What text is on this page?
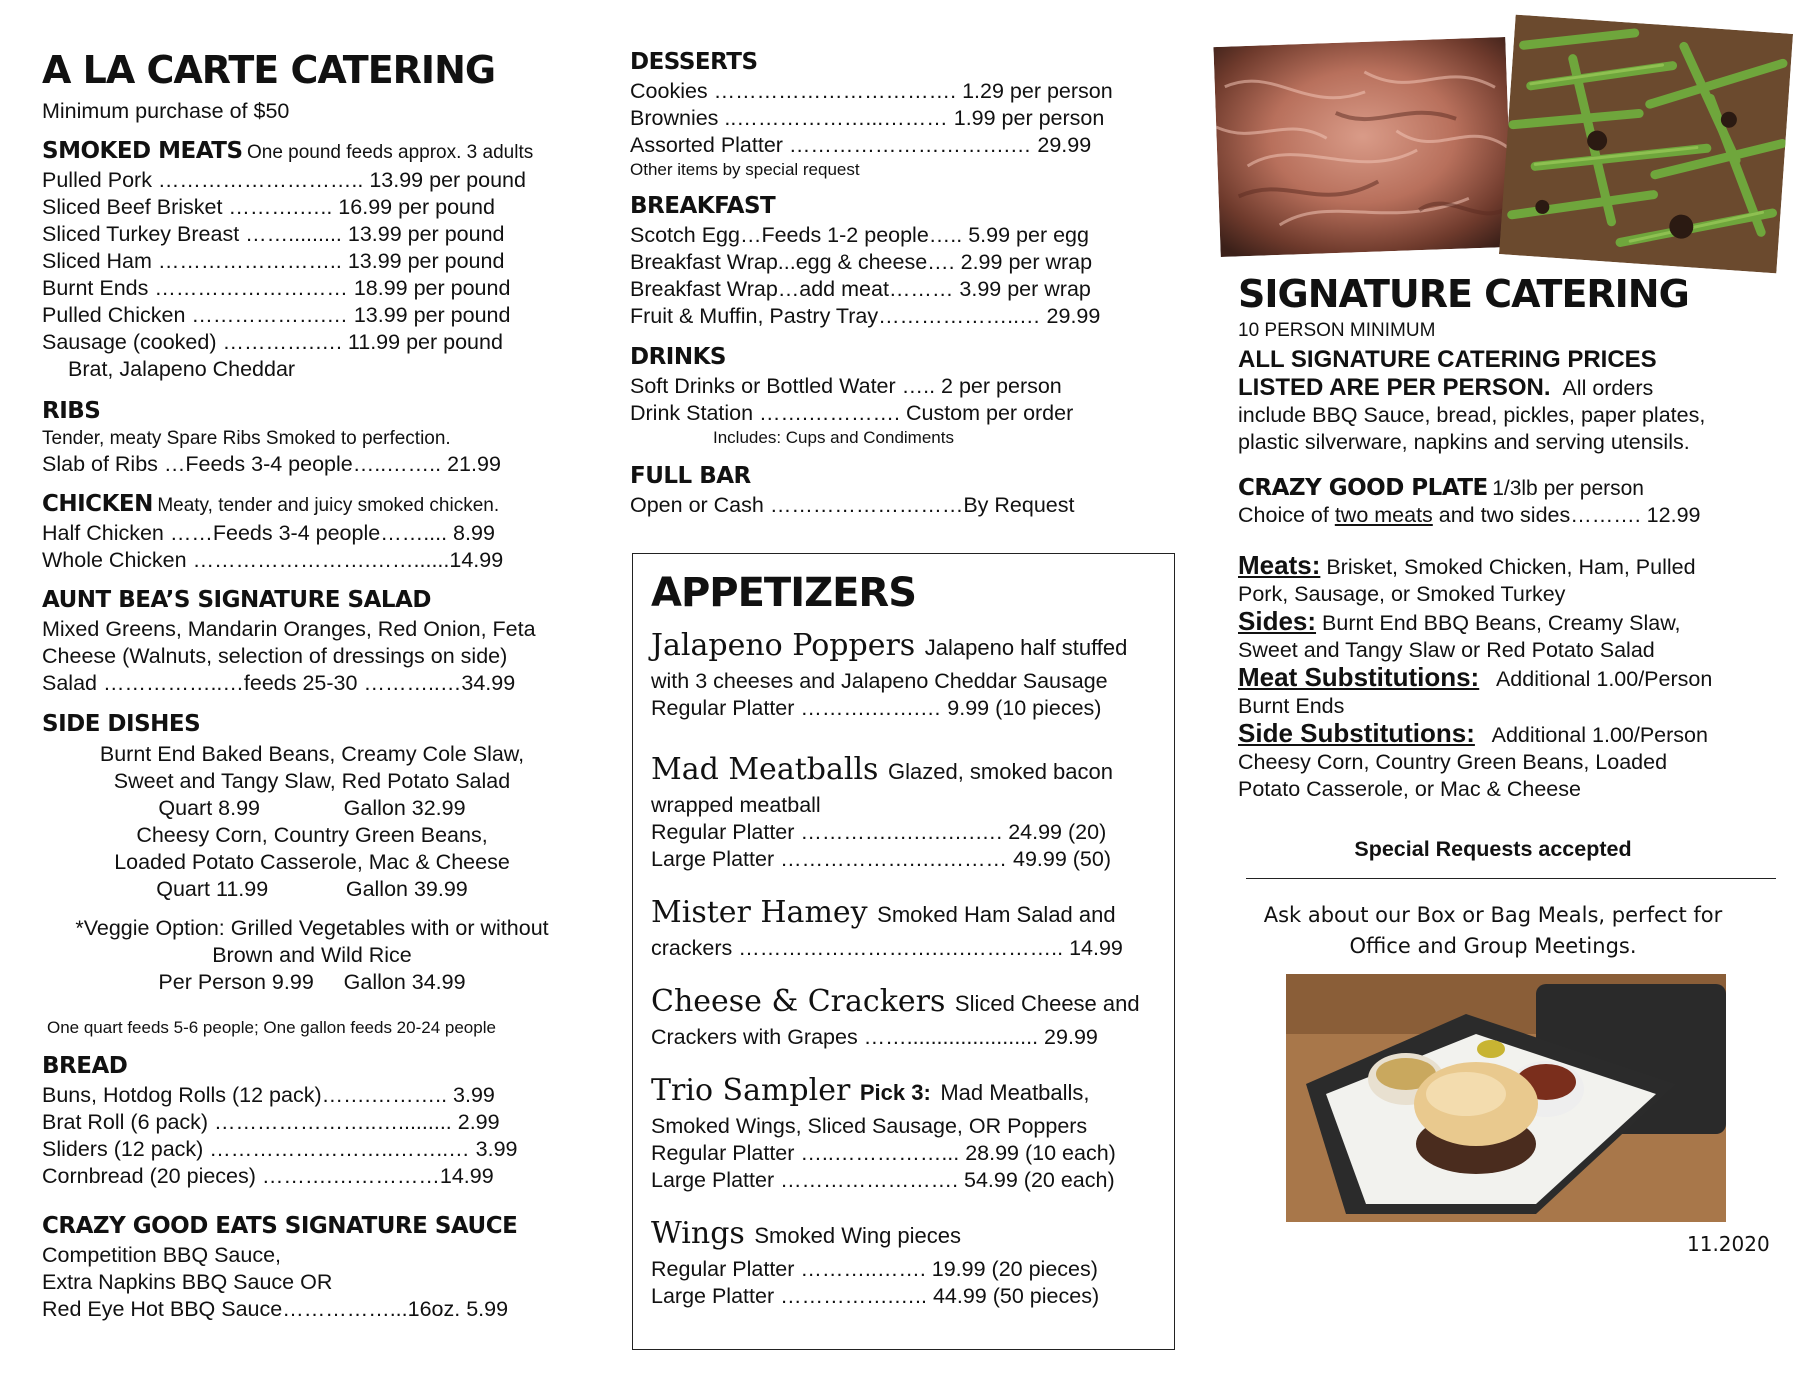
A LA CARTE CATERING
Minimum purchase of $50
SMOKED MEATS One pound feeds approx. 3 adults
Pulled Pork ……………………….. 13.99 per pound
Sliced Beef Brisket ……….….. 16.99 per pound
Sliced Turkey Breast ……......... 13.99 per pound
Sliced Ham …………………….. 13.99 per pound
Burnt Ends ……………………… 18.99 per pound
Pulled Chicken ……………….… 13.99 per pound
Sausage (cooked) ………….…. 11.99 per pound
Brat, Jalapeno Cheddar
RIBS
Tender, meaty Spare Ribs Smoked to perfection.
Slab of Ribs …Feeds 3-4 people…..…….. 21.99
CHICKEN Meaty, tender and juicy smoked chicken.
Half Chicken ……Feeds 3-4 people…….... 8.99
Whole Chicken …………………….……......14.99
AUNT BEA’S SIGNATURE SALAD
Mixed Greens, Mandarin Oranges, Red Onion, Feta
Cheese (Walnuts, selection of dressings on side)
Salad ……………..…feeds 25-30 ………..…34.99
SIDE DISHES
Burnt End Baked Beans, Creamy Cole Slaw,
Sweet and Tangy Slaw, Red Potato Salad
Quart 8.99              Gallon 32.99
Cheesy Corn, Country Green Beans,
Loaded Potato Casserole, Mac & Cheese
Quart 11.99             Gallon 39.99
*Veggie Option: Grilled Vegetables with or without
Brown and Wild Rice
Per Person 9.99     Gallon 34.99
One quart feeds 5-6 people; One gallon feeds 20-24 people
BREAD
Buns, Hotdog Rolls (12 pack)…….……….. 3.99
Brat Roll (6 pack) …………………..…......... 2.99
Sliders (12 pack) ……………………..……..… 3.99
Cornbread (20 pieces) ……….……………14.99
CRAZY GOOD EATS SIGNATURE SAUCE
Competition BBQ Sauce,
Extra Napkins BBQ Sauce OR
Red Eye Hot BBQ Sauce……………...16oz. 5.99
DESSERTS
Cookies ……………………………. 1.29 per person
Brownies ..………………...……… 1.99 per person
Assorted Platter ………………………….… 29.99
Other items by special request
BREAKFAST
Scotch Egg…Feeds 1-2 people….. 5.99 per egg
Breakfast Wrap...egg & cheese…. 2.99 per wrap
Breakfast Wrap…add meat……… 3.99 per wrap
Fruit & Muffin, Pastry Tray………………..… 29.99
DRINKS
Soft Drinks or Bottled Water ….. 2 per person
Drink Station …….…………. Custom per order
Includes: Cups and Condiments
FULL BAR
Open or Cash ………………………By Request
APPETIZERS
Jalapeno Poppers Jalapeno half stuffed
with 3 cheeses and Jalapeno Cheddar Sausage
Regular Platter ……….…….… 9.99 (10 pieces)
Mad Meatballs Glazed, smoked bacon
wrapped meatball
Regular Platter ………….….….….…. 24.99 (20)
Large Platter ……………….….……… 49.99 (50)
Mister Hamey Smoked Ham Salad and
crackers ……………………….….………….. 14.99
Cheese & Crackers Sliced Cheese and
Crackers with Grapes ……...................... 29.99
Trio Sampler Pick 3: Mad Meatballs,
Smoked Wings, Sliced Sausage, OR Poppers
Regular Platter …..……………... 28.99 (10 each)
Large Platter ……………………. 54.99 (20 each)
Wings Smoked Wing pieces
Regular Platter ………..……. 19.99 (20 pieces)
Large Platter …………….….. 44.99 (50 pieces)
SIGNATURE CATERING
10 PERSON MINIMUM
ALL SIGNATURE CATERING PRICES
LISTED ARE PER PERSON. All orders
include BBQ Sauce, bread, pickles, paper plates,
plastic silverware, napkins and serving utensils.
CRAZY GOOD PLATE 1/3lb per person
Choice of two meats and two sides………. 12.99
Meats: Brisket, Smoked Chicken, Ham, Pulled
Pork, Sausage, or Smoked Turkey
Sides: Burnt End BBQ Beans, Creamy Slaw,
Sweet and Tangy Slaw or Red Potato Salad
Meat Substitutions: Additional 1.00/Person
Burnt Ends
Side Substitutions: Additional 1.00/Person
Cheesy Corn, Country Green Beans, Loaded
Potato Casserole, or Mac & Cheese
Special Requests accepted
Ask about our Box or Bag Meals, perfect for
Office and Group Meetings.
11.2020
